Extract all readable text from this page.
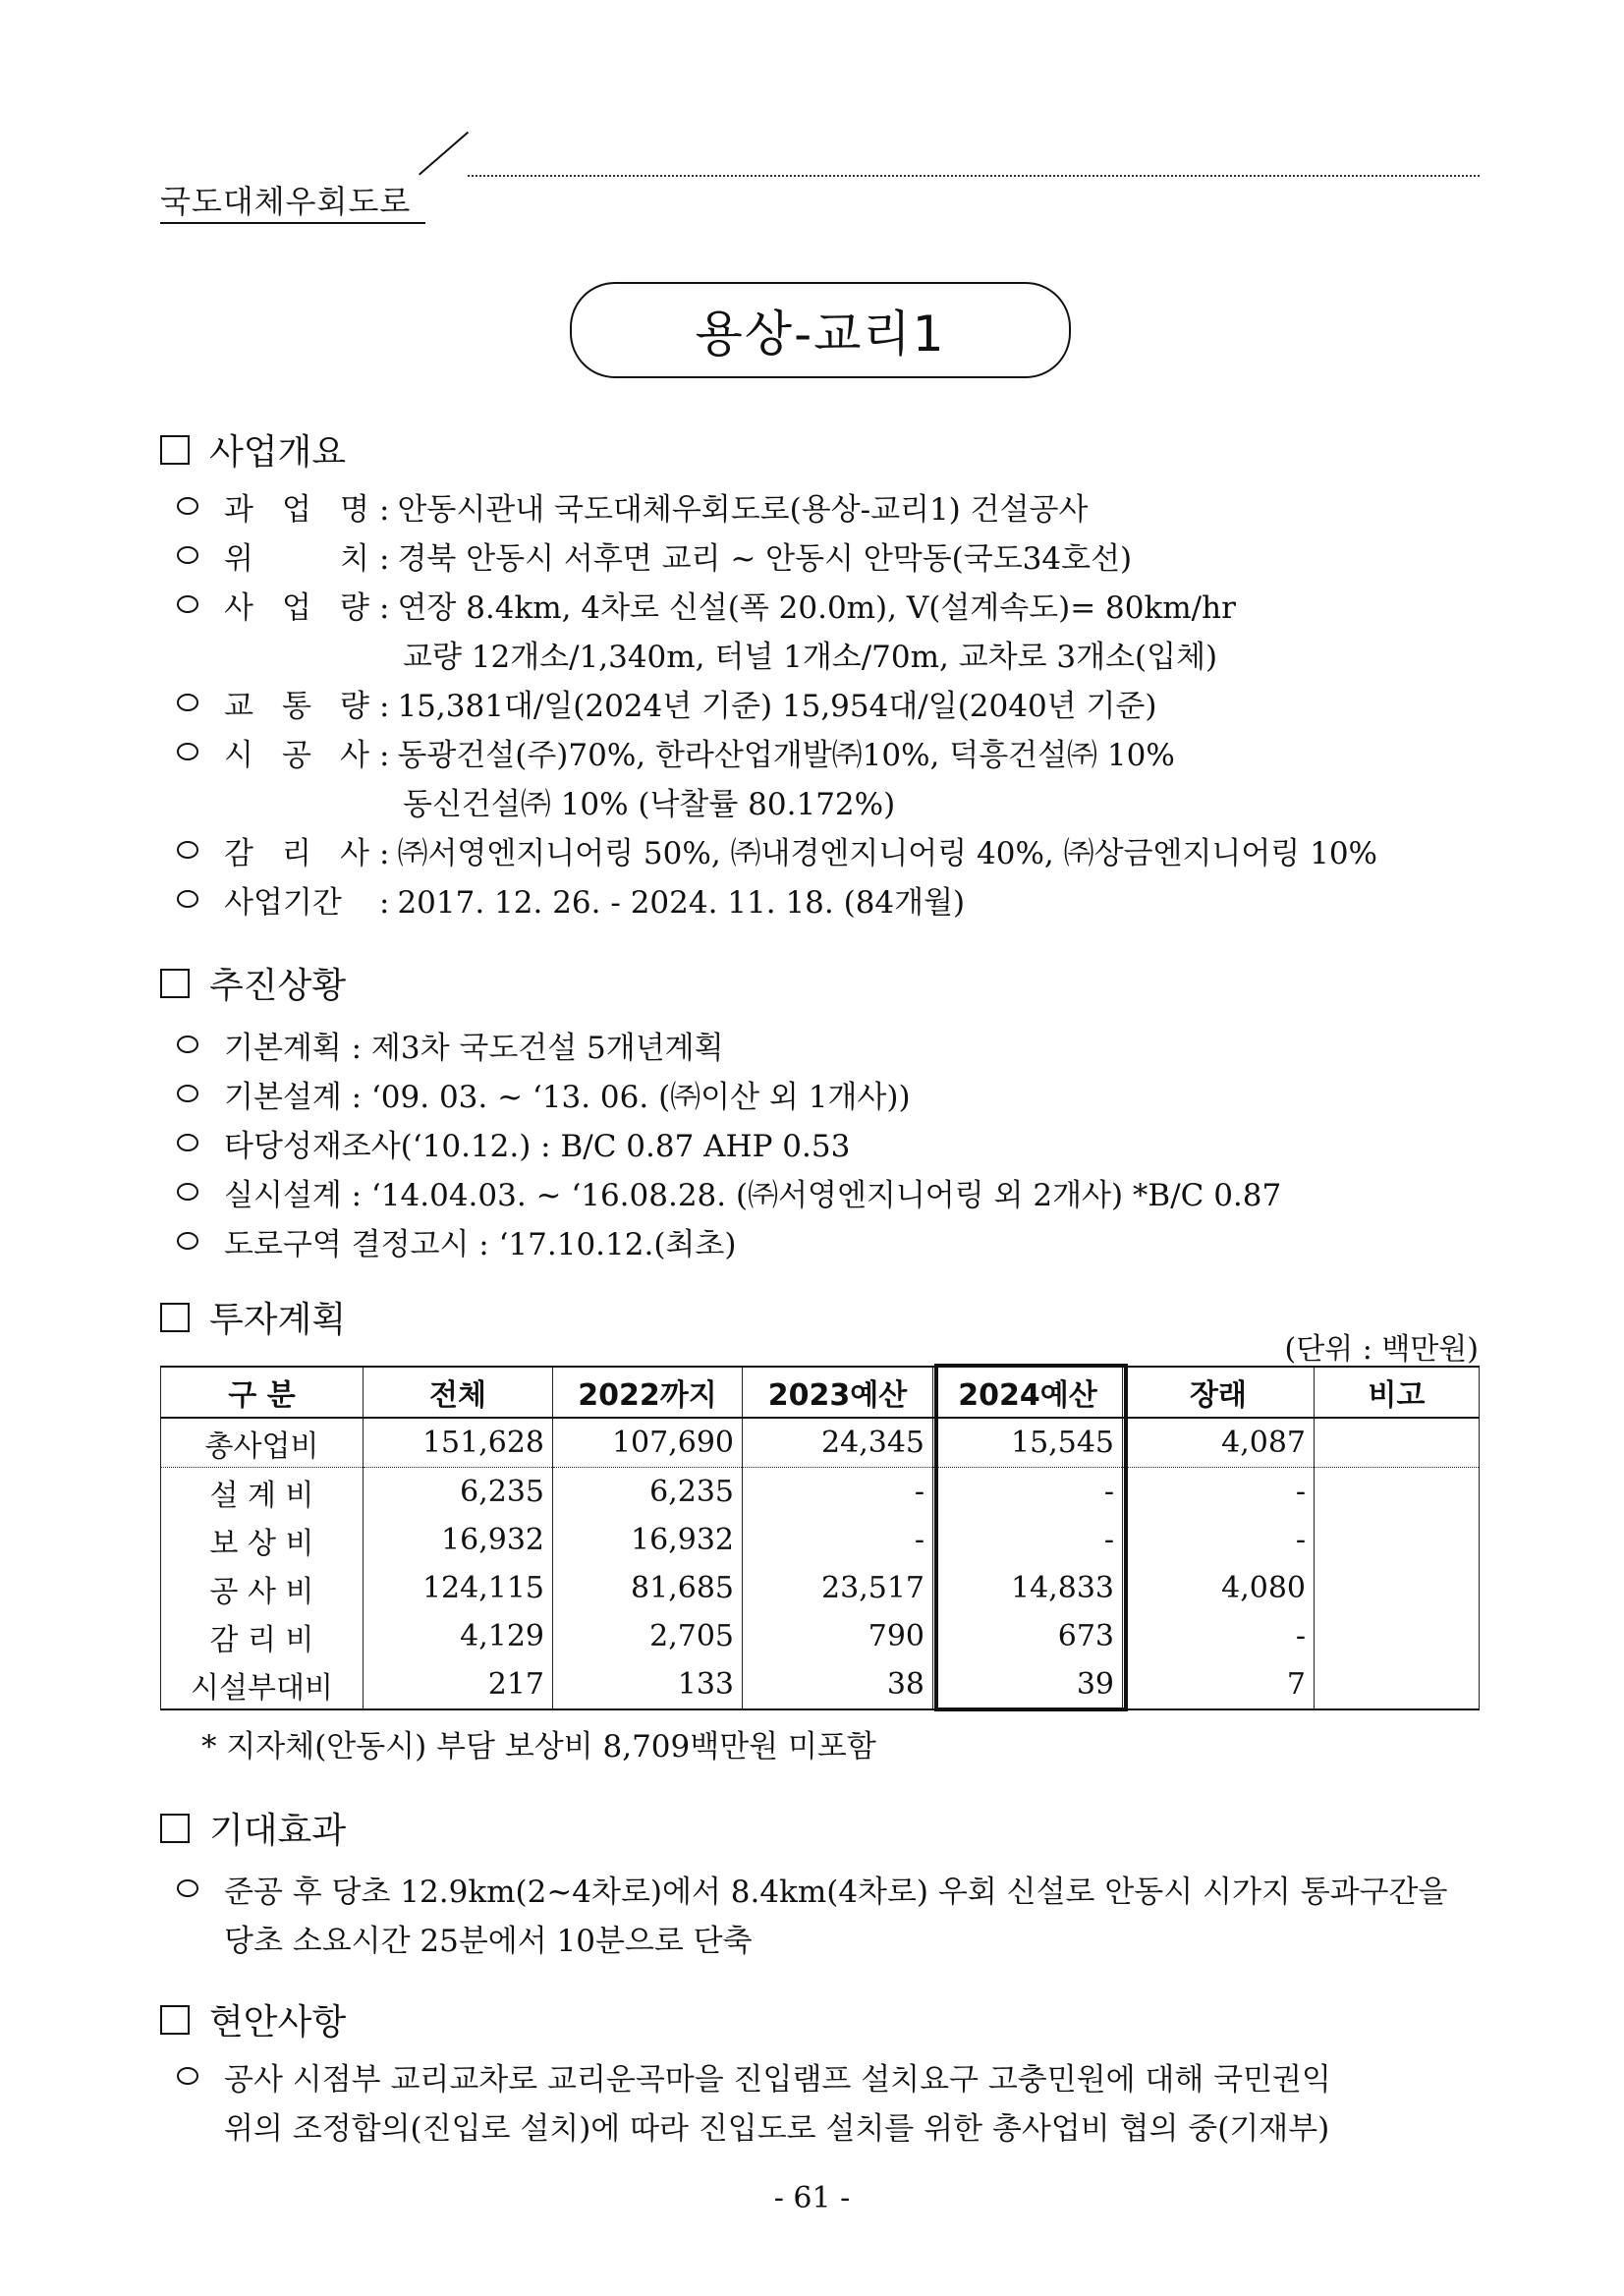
국도대체우회도로
용상-교리1
사업개요
과 업 명 : 안동시관내 국도대체우회도로(용상-교리1) 건설공사
위 치 : 경북 안동시 서후면 교리 ~ 안동시 안막동(국도34호선)
사 업 량 : 연장 8.4km, 4차로 신설(폭 20.0m), V(설계속도)= 80km/hr
교량 12개소/1,340m, 터널 1개소/70m, 교차로 3개소(입체)
교 통 량 : 15,381대/일(2024년 기준) 15,954대/일(2040년 기준)
시 공 사 : 동광건설(주)70%, 한라산업개발㈜10%, 덕흥건설㈜ 10%
동신건설㈜ 10% (낙찰률 80.172%)
감 리 사 : ㈜서영엔지니어링 50%, ㈜내경엔지니어링 40%, ㈜상금엔지니어링 10%
사업기간 : 2017. 12. 26. - 2024. 11. 18. (84개월)
추진상황
기본계획 : 제3차 국도건설 5개년계획
기본설계 : ‘09. 03. ~ ‘13. 06. (㈜이산 외 1개사))
타당성재조사(‘10.12.) : B/C 0.87 AHP 0.53
실시설계 : ‘14.04.03. ~ ‘16.08.28. (㈜서영엔지니어링 외 2개사) *B/C 0.87
도로구역 결정고시 : ‘17.10.12.(최초)
투자계획
(단위 : 백만원)
구 분	전체	2022까지	2023예산	2024예산	장래	비고
총사업비	151,628	107,690	24,345	15,545	4,087	
설 계 비	6,235	6,235	-	-	-	
보 상 비	16,932	16,932	-	-	-	
공 사 비	124,115	81,685	23,517	14,833	4,080	
감 리 비	4,129	2,705	790	673	-	
시설부대비	217	133	38	39	7	
* 지자체(안동시) 부담 보상비 8,709백만원 미포함
기대효과
준공 후 당초 12.9km(2~4차로)에서 8.4km(4차로) 우회 신설로 안동시 시가지 통과구간을
당초 소요시간 25분에서 10분으로 단축
현안사항
공사 시점부 교리교차로 교리운곡마을 진입램프 설치요구 고충민원에 대해 국민권익
위의 조정합의(진입로 설치)에 따라 진입도로 설치를 위한 총사업비 협의 중(기재부)
- 61 -
